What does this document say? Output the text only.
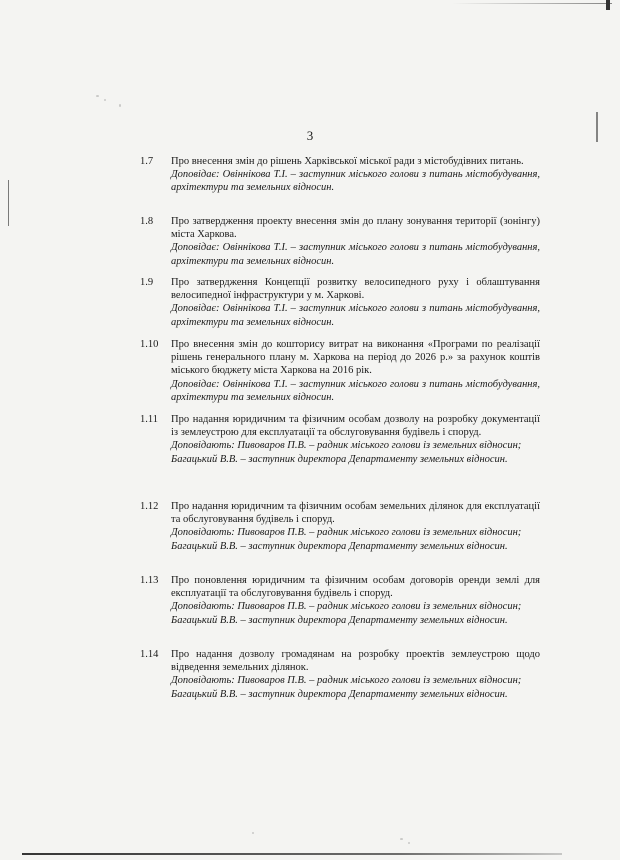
3
1.7	Про внесення змін до рішень Харківської міської ради з містобудівних питань.
Доповідає: Овіннікова Т.І. – заступник міського голови з питань містобудування, архітектури та земельних відносин.
1.8	Про затвердження проекту внесення змін до плану зонування території (зонінгу) міста Харкова.
Доповідає: Овіннікова Т.І. – заступник міського голови з питань містобудування, архітектури та земельних відносин.
1.9	Про затвердження Концепції розвитку велосипедного руху і облаштування велосипедної інфраструктури у м. Харкові.
Доповідає: Овіннікова Т.І. – заступник міського голови з питань містобудування, архітектури та земельних відносин.
1.10	Про внесення змін до кошторису витрат на виконання «Програми по реалізації рішень генерального плану м. Харкова на період до 2026 р.» за рахунок коштів міського бюджету міста Харкова на 2016 рік.
Доповідає: Овіннікова Т.І. – заступник міського голови з питань містобудування, архітектури та земельних відносин.
1.11	Про надання юридичним та фізичним особам дозволу на розробку документації із землеустрою для експлуатації та обслуговування будівель і споруд.
Доповідають: Пивоваров П.В. – радник міського голови із земельних відносин;
Багацький В.В. – заступник директора Департаменту земельних відносин.
1.12	Про надання юридичним та фізичним особам земельних ділянок для експлуатації та обслуговування будівель і споруд.
Доповідають: Пивоваров П.В. – радник міського голови із земельних відносин;
Багацький В.В. – заступник директора Департаменту земельних відносин.
1.13	Про поновлення юридичним та фізичним особам договорів оренди землі для експлуатації та обслуговування будівель і споруд.
Доповідають: Пивоваров П.В. – радник міського голови із земельних відносин;
Багацький В.В. – заступник директора Департаменту земельних відносин.
1.14	Про надання дозволу громадянам на розробку проектів землеустрою щодо відведення земельних ділянок.
Доповідають: Пивоваров П.В. – радник міського голови із земельних відносин;
Багацький В.В. – заступник директора Департаменту земельних відносин.
